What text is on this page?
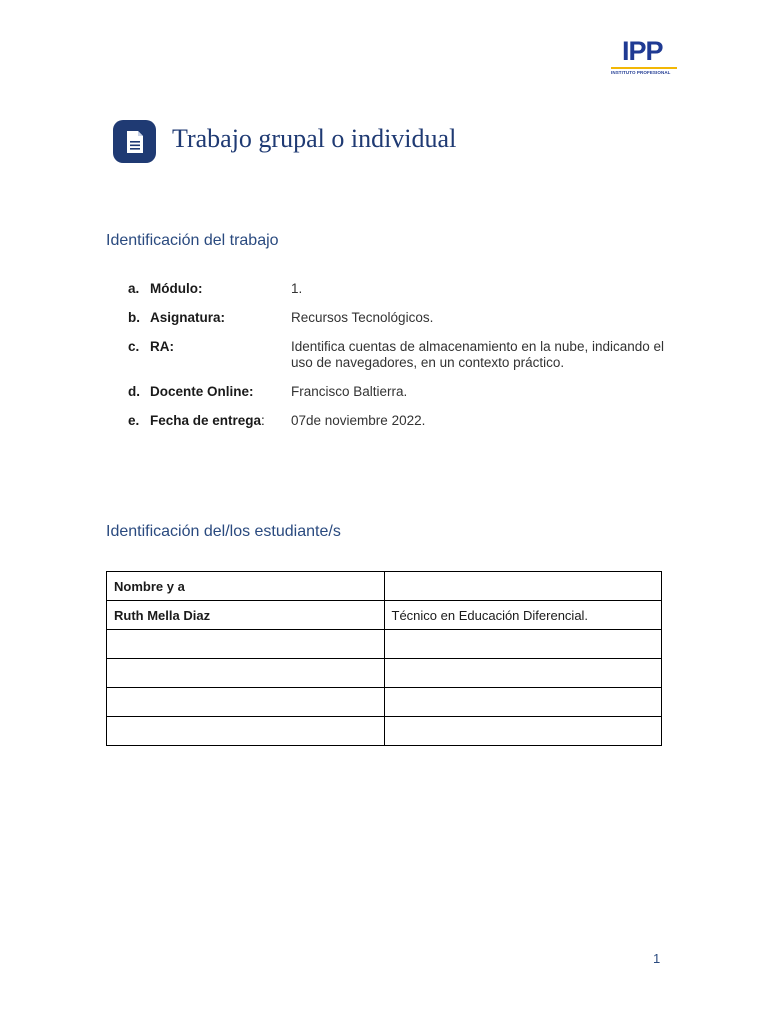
IPP
INSTITUTO PROFESIONAL
Trabajo grupal o individual
Identificación del trabajo
a. Módulo:	1.
b. Asignatura:	Recursos Tecnológicos.
c. RA:	Identifica cuentas de almacenamiento en la nube, indicando el uso de navegadores, en un contexto práctico.
d. Docente Online:	Francisco Baltierra.
e. Fecha de entrega:	07de noviembre 2022.
Identificación del/los estudiante/s
Nombre y a	
Ruth Mella Diaz	Técnico en Educación Diferencial.

1
